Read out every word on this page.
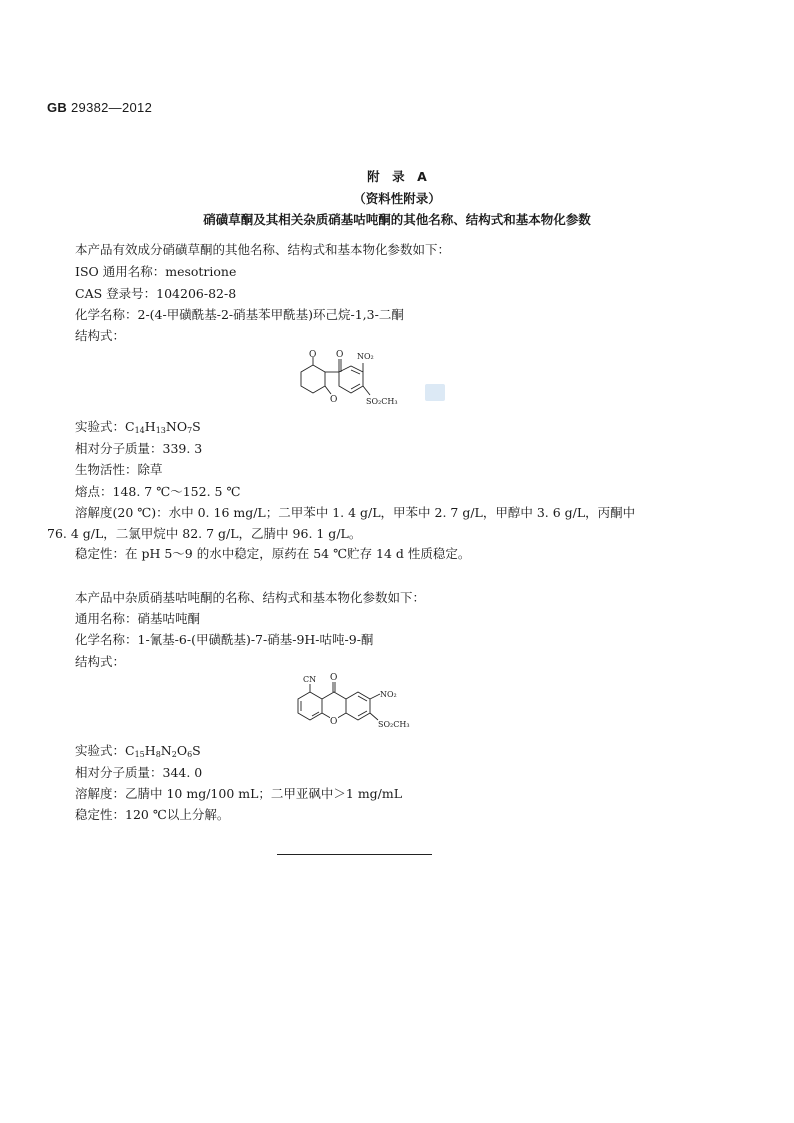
GB 29382—2012
附　录　A
（资料性附录）
硝磺草酮及其相关杂质硝基咕吨酮的其他名称、结构式和基本物化参数
本产品有效成分硝磺草酮的其他名称、结构式和基本物化参数如下：
ISO 通用名称：mesotrione
CAS 登录号：104206-82-8
化学名称：2-(4-甲磺酰基-2-硝基苯甲酰基)环己烷-1,3-二酮
结构式：
O O
O
NO₂
SO₂CH₃
实验式：$C_{14}H_{13}NO_7S$
相对分子质量：339. 3
生物活性：除草
熔点：148. 7 ℃～152. 5 ℃
溶解度(20 ℃)：水中 0. 16 mg/L；二甲苯中 1. 4 g/L，甲苯中 2. 7 g/L，甲醇中 3. 6 g/L，丙酮中
76. 4 g/L，二氯甲烷中 82. 7 g/L，乙腈中 96. 1 g/L。
稳定性：在 pH 5～9 的水中稳定，原药在 54 ℃贮存 14 d 性质稳定。
本产品中杂质硝基咕吨酮的名称、结构式和基本物化参数如下：
通用名称：硝基咕吨酮
化学名称：1-氰基-6-(甲磺酰基)-7-硝基-9H-咕吨-9-酮
结构式：
CN O
O
NO₂
SO₂CH₃
实验式：$C_{15}H_8N_2O_6S$
相对分子质量：344. 0
溶解度：乙腈中 10 mg/100 mL；二甲亚砜中＞1 mg/mL
稳定性：120 ℃以上分解。
